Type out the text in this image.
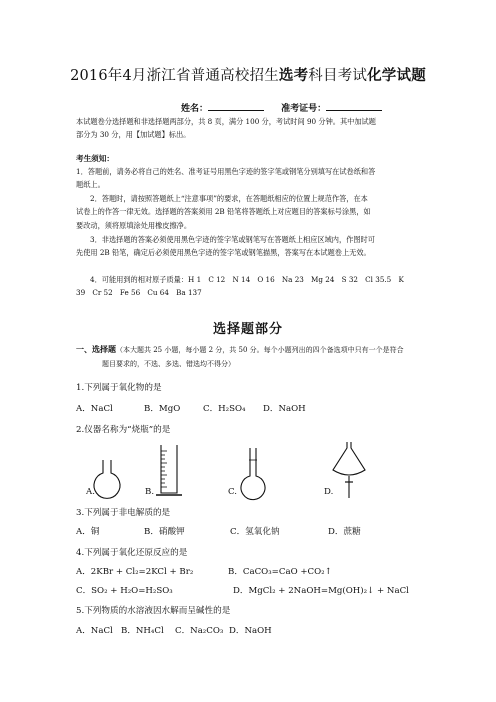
2016年4月浙江省普通高校招生选考科目考试化学试题
姓名：	准考证号：
本试题卷分选择题和非选择题两部分，共 8 页，满分 100 分，考试时间 90 分钟。其中加试题
部分为 30 分，用【加试题】标出。
考生须知：
1．答题前，请务必将自己的姓名、准考证号用黑色字迹的签字笔或钢笔分别填写在试卷纸和答
题纸上。
2．答题时，请按照答题纸上“注意事项”的要求，在答题纸相应的位置上规范作答，在本
试卷上的作答一律无效。选择题的答案须用 2B 铅笔将答题纸上对应题目的答案标号涂黑，如
要改动，须将原填涂处用橡皮擦净。
3．非选择题的答案必须使用黑色字迹的签字笔或钢笔写在答题纸上相应区域内，作图时可
先使用 2B 铅笔，确定后必须使用黑色字迹的签字笔或钢笔描黑，答案写在本试题卷上无效。
4．可能用到的相对原子质量：H 1　C 12　N 14　O 16　Na 23　Mg 24　S 32　Cl 35.5　K
39　Cr 52　Fe 56　Cu 64　Ba 137
选择题部分
一、选择题（本大题共 25 小题，每小题 2 分，共 50 分。每个小题列出的四个备选项中只有一个是符合
题目要求的，不选、多选、错选均不得分）
1.下列属于氧化物的是
A．NaCl	B．MgO	C．H₂SO₄ D．NaOH
2.仪器名称为“烧瓶”的是
A.	B.	C.	D.
3.下列属于非电解质的是
A．铜	B．硝酸钾	C．氢氧化钠	D．蔗糖
4.下列属于氧化还原反应的是
A．2KBr + Cl₂=2KCl + Br₂	B．CaCO₃=CaO +CO₂↑
C．SO₂ + H₂O=H₂SO₃	D．MgCl₂ + 2NaOH=Mg(OH)₂↓ + NaCl
5.下列物质的水溶液因水解而呈碱性的是
A．NaCl B．NH₄Cl C．Na₂CO₃ D．NaOH
